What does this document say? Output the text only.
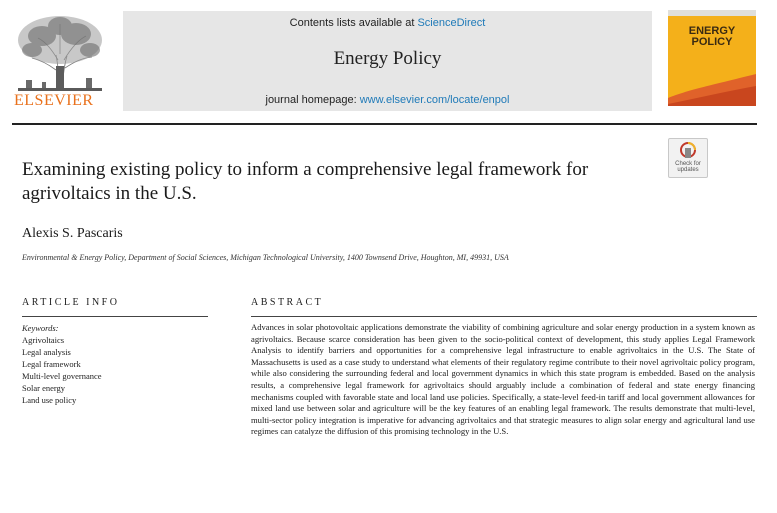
ELSEVIER
Contents lists available at ScienceDirect
Energy Policy
journal homepage: www.elsevier.com/locate/enpol
ENERGY
POLICY
Examining existing policy to inform a comprehensive legal framework for agrivoltaics in the U.S.
Check for
updates
Alexis S. Pascaris
Environmental & Energy Policy, Department of Social Sciences, Michigan Technological University, 1400 Townsend Drive, Houghton, MI, 49931, USA
ARTICLE INFO
Keywords:
Agrivoltaics
Legal analysis
Legal framework
Multi-level governance
Solar energy
Land use policy
ABSTRACT
Advances in solar photovoltaic applications demonstrate the viability of combining agriculture and solar energy production in a system known as agrivoltaics. Because scarce consideration has been given to the socio-political context of development, this study applies Legal Framework Analysis to identify barriers and opportunities for a comprehensive legal infrastructure to enable agrivoltaics in the U.S. The State of Massachusetts is used as a case study to understand what elements of their regulatory regime contribute to their novel agrivoltaic policy program, while also considering the surrounding federal and local government dynamics in which this state program is embedded. Based on the analysis results, a comprehensive legal framework for agrivoltaics should arguably include a combination of federal and state energy financing mechanisms coupled with favorable state and local land use policies. Specifically, a state-level feed-in tariff and local government allowances for mixed land use between solar and agriculture will be the key features of an enabling legal framework. The results demonstrate that multi-level, multi-sector policy integration is imperative for advancing agrivoltaics and that strategic measures to align solar energy and agricultural land use regimes can catalyze the diffusion of this promising technology in the U.S.
